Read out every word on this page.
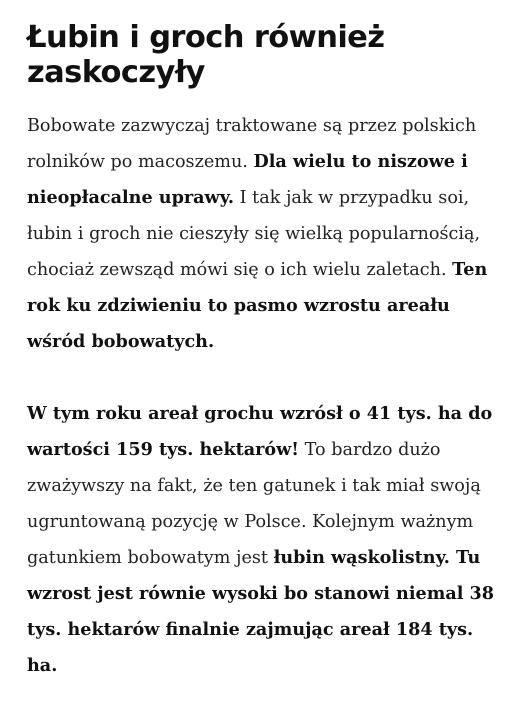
Łubin i groch również zaskoczyły

Bobowate zazwyczaj traktowane są przez polskich rolników po macoszemu. Dla wielu to niszowe i nieopłacalne uprawy. I tak jak w przypadku soi, łubin i groch nie cieszyły się wielką popularnością, chociaż zewsząd mówi się o ich wielu zaletach. Ten rok ku zdziwieniu to pasmo wzrostu areału wśród bobowatych.

W tym roku areał grochu wzrósł o 41 tys. ha do wartości 159 tys. hektarów! To bardzo dużo zważywszy na fakt, że ten gatunek i tak miał swoją ugruntowaną pozycję w Polsce. Kolejnym ważnym gatunkiem bobowatym jest łubin wąskolistny. Tu wzrost jest równie wysoki bo stanowi niemal 38 tys. hektarów finalnie zajmując areał 184 tys. ha.
